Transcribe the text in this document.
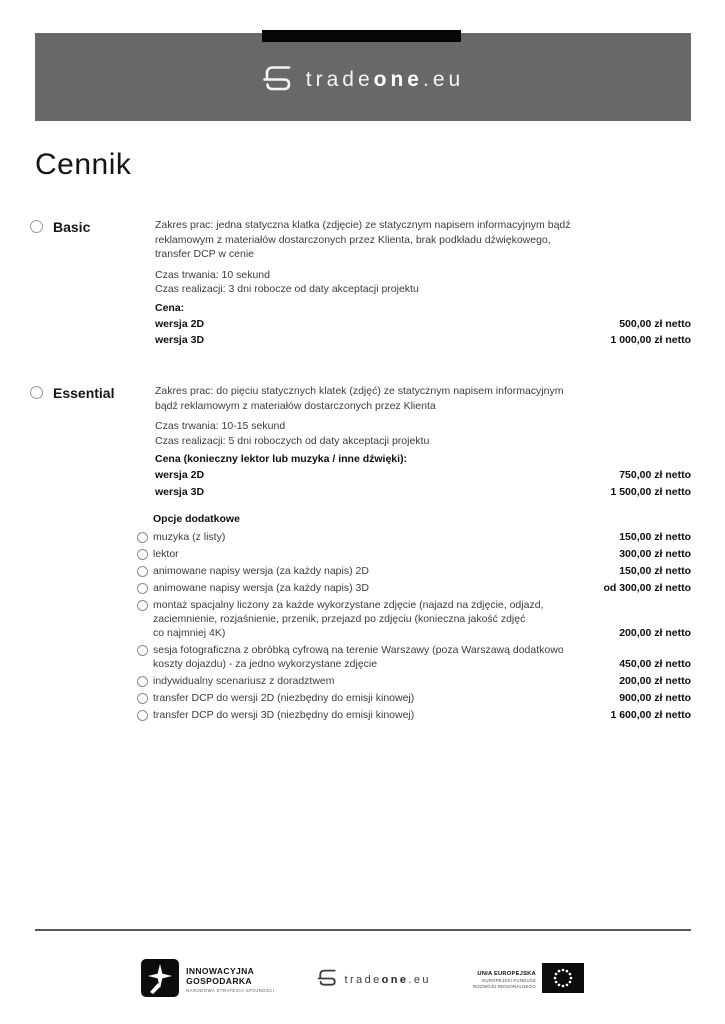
tradeone.eu
Cennik
Basic	Zakres prac: jedna statyczna klatka (zdjęcie) ze statycznym napisem informacyjnym bądź
reklamowym z materiałów dostarczonych przez Klienta, brak podkładu dźwiękowego,
transfer DCP w cenie
Czas trwania: 10 sekund
Czas realizacji: 3 dni robocze od daty akceptacji projektu
Cena:
wersja 2D	500,00 zł netto
wersja 3D	1 000,00 zł netto
Essential	Zakres prac: do pięciu statycznych klatek (zdjęć) ze statycznym napisem informacyjnym
bądź reklamowym z materiałów dostarczonych przez Klienta
Czas trwania: 10-15 sekund
Czas realizacji: 5 dni roboczych od daty akceptacji projektu
Cena (konieczny lektor lub muzyka / inne dźwięki):
wersja 2D	750,00 zł netto
wersja 3D	1 500,00 zł netto
Opcje dodatkowe
muzyka (z listy)	150,00 zł netto
lektor	300,00 zł netto
animowane napisy wersja (za każdy napis) 2D	150,00 zł netto
animowane napisy wersja (za każdy napis) 3D	od 300,00 zł netto
montaż spacjalny liczony za każde wykorzystane zdjęcie (najazd na zdjęcie, odjazd,
zaciemnienie, rozjaśnienie, przenik, przejazd po zdjęciu (konieczna jakość zdjęć
co najmniej 4K)	200,00 zł netto
sesja fotograficzna z obróbką cyfrową na terenie Warszawy (poza Warszawą dodatkowo
koszty dojazdu) - za jedno wykorzystane zdjęcie	450,00 zł netto
indywidualny scenariusz z doradztwem	200,00 zł netto
transfer DCP do wersji 2D (niezbędny do emisji kinowej)	900,00 zł netto
transfer DCP do wersji 3D (niezbędny do emisji kinowej)	1 600,00 zł netto
INNOWACYJNA
GOSPODARKA
NARODOWA STRATEGIA SPÓJNOŚCI
tradeone.eu
UNIA EUROPEJSKA
EUROPEJSKI FUNDUSZ
ROZWOJU REGIONALNEGO
